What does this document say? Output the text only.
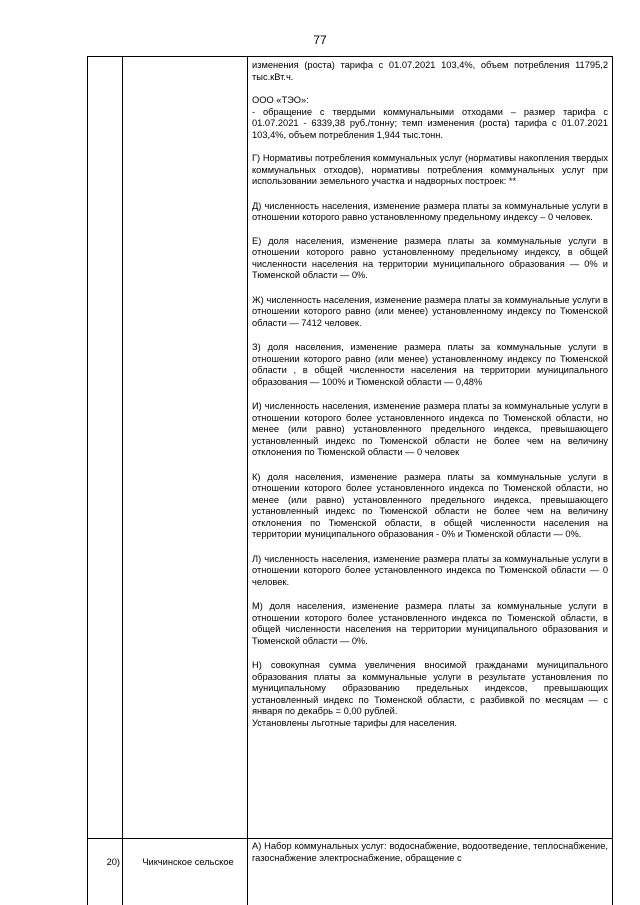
77

изменения (роста) тарифа с 01.07.2021 103,4%, объем потребления 11795,2 тыс.кВт.ч.

ООО «ТЭО»:
- обращение с твердыми коммунальными отходами – размер тарифа с 01.07.2021 - 6339,38 руб./тонну; темп изменения (роста) тарифа с 01.07.2021 103,4%, объем потребления 1,944 тыс.тонн.

Г) Нормативы потребления коммунальных услуг (нормативы накопления твердых коммунальных отходов), нормативы потребления коммунальных услуг при использовании земельного участка и надворных построек: **

Д) численность населения, изменение размера платы за коммунальные услуги в отношении которого равно установленному предельному индексу – 0 человек.

Е) доля населения, изменение размера платы за коммунальные услуги в отношении которого равно установленному предельному индексу, в общей численности населения на территории муниципального образования — 0% и Тюменской области — 0%.

Ж) численность населения, изменение размера платы за коммунальные услуги в отношении которого равно (или менее) установленному индексу по Тюменской области — 7412 человек.

З) доля населения, изменение размера платы за коммунальные услуги в отношении которого равно (или менее) установленному индексу по Тюменской области , в общей численности населения на территории муниципального образования — 100% и Тюменской области — 0,48%

И) численность населения, изменение размера платы за коммунальные услуги в отношении которого более установленного индекса по Тюменской области, но менее (или равно) установленного предельного индекса, превышающего установленный индекс по Тюменской области не более чем на величину отклонения по Тюменской области — 0 человек

К) доля населения, изменение размера платы за коммунальные услуги в отношении которого более установленного индекса по Тюменской области, но менее (или равно) установленного предельного индекса, превышающего установленный индекс по Тюменской области не более чем на величину отклонения по Тюменской области, в общей численности населения на территории муниципального образования - 0% и Тюменской области — 0%.

Л) численность населения, изменение размера платы за коммунальные услуги в отношении которого более установленного индекса по Тюменской области — 0 человек.

М) доля населения, изменение размера платы за коммунальные услуги в отношении которого более установленного индекса по Тюменской области, в общей численности населения на территории муниципального образования и Тюменской области — 0%.

Н) совокупная сумма увеличения вносимой гражданами муниципального образования платы за коммунальные услуги в результате установления по муниципальному образованию предельных индексов, превышающих установленный индекс по Тюменской области, с разбивкой по месяцам — с января по декабрь = 0,00 рублей.
Установлены льготные тарифы для населения.

20)	Чикчинское сельское
А) Набор коммунальных услуг: водоснабжение, водоотведение, теплоснабжение, газоснабжение электроснабжение, обращение с
